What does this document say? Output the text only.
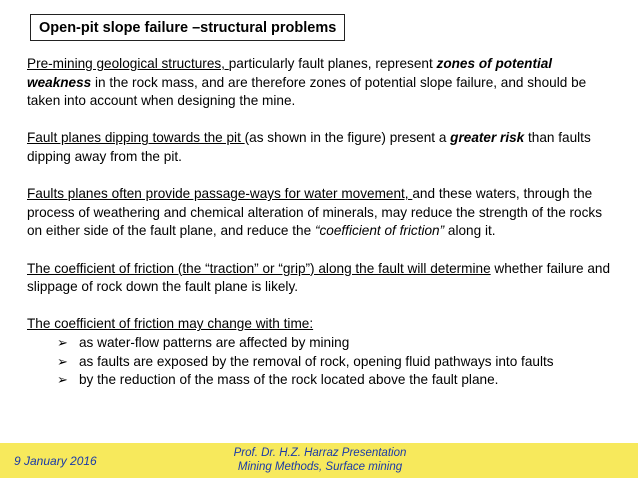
Open-pit slope failure –structural problems

Pre-mining geological structures, particularly fault planes, represent zones of potential weakness in the rock mass, and are therefore zones of potential slope failure, and should be taken into account when designing the mine.

Fault planes dipping towards the pit (as shown in the figure) present a greater risk than faults dipping away from the pit.

Faults planes often provide passage-ways for water movement, and these waters, through the process of weathering and chemical alteration of minerals, may reduce the strength of the rocks on either side of the fault plane, and reduce the “coefficient of friction” along it.

The coefficient of friction (the “traction” or “grip”) along the fault will determine whether failure and slippage of rock down the fault plane is likely.

The coefficient of friction may change with time:

➢ as water-flow patterns are affected by mining
➢ as faults are exposed by the removal of rock, opening fluid pathways into faults
➢ by the reduction of the mass of the rock located above the fault plane.
9 January 2016
Prof. Dr. H.Z. Harraz Presentation
Mining Methods, Surface mining
